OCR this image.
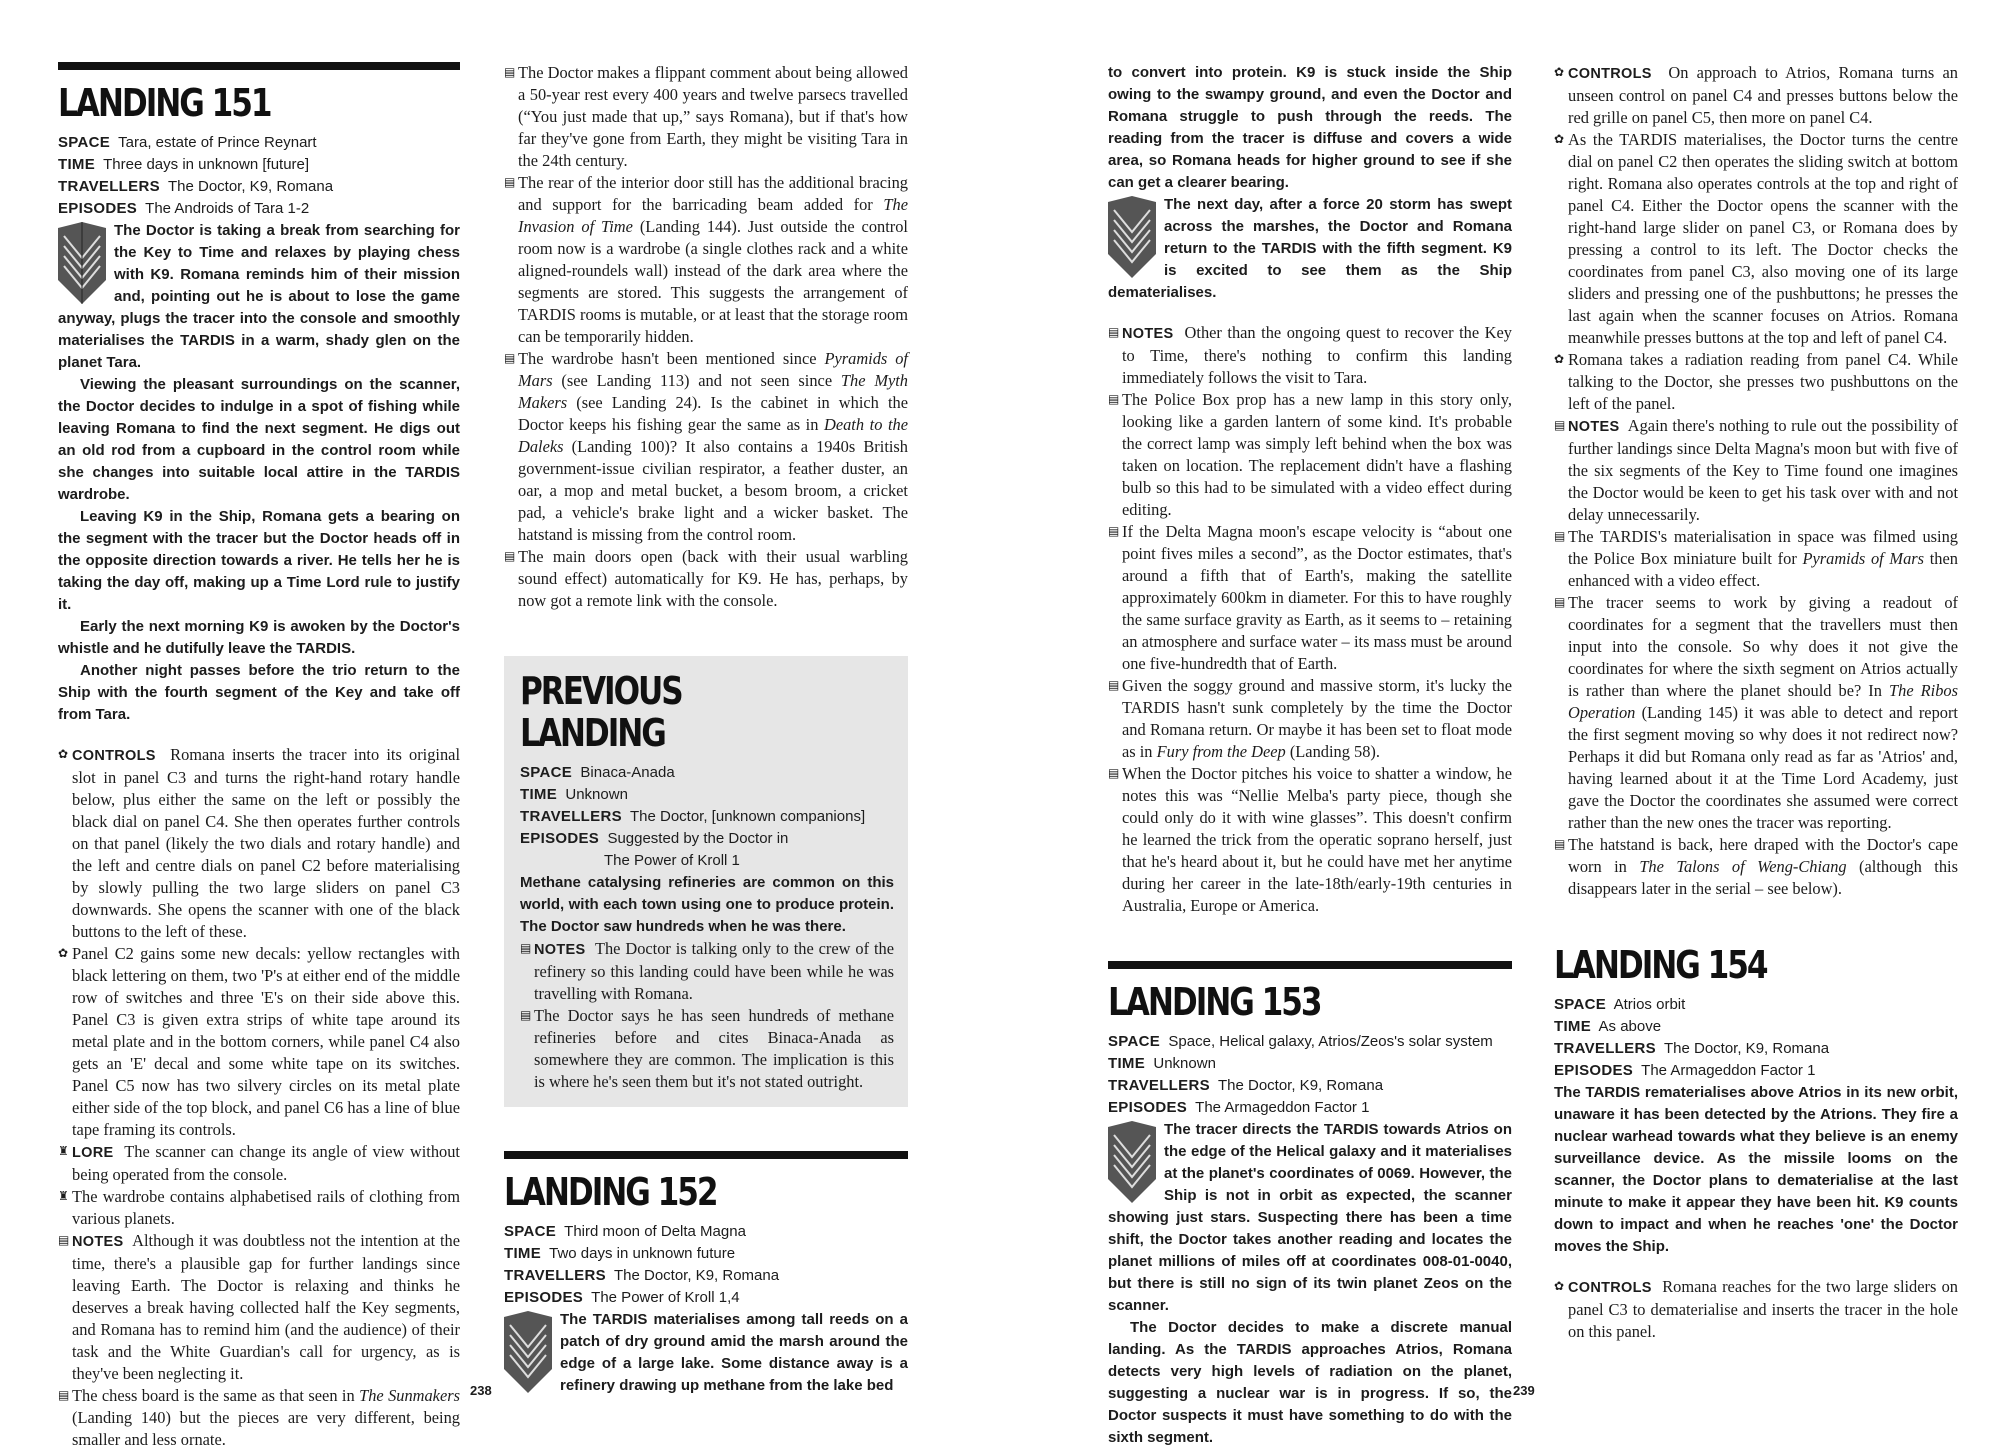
LANDING 151
SPACE Tara, estate of Prince Reynart
TIME Three days in unknown [future]
TRAVELLERS The Doctor, K9, Romana
EPISODES The Androids of Tara 1-2

The Doctor is taking a break from searching for the Key to Time and relaxes by playing chess with K9. Romana reminds him of their mission and, pointing out he is about to lose the game anyway, plugs the tracer into the console and smoothly materialises the TARDIS in a warm, shady glen on the planet Tara.

Viewing the pleasant surroundings on the scanner, the Doctor decides to indulge in a spot of fishing while leaving Romana to find the next segment. He digs out an old rod from a cupboard in the control room while she changes into suitable local attire in the TARDIS wardrobe.

Leaving K9 in the Ship, Romana gets a bearing on the segment with the tracer but the Doctor heads off in the opposite direction towards a river. He tells her he is taking the day off, making up a Time Lord rule to justify it.

Early the next morning K9 is awoken by the Doctor's whistle and he dutifully leave the TARDIS.

Another night passes before the trio return to the Ship with the fourth segment of the Key and take off from Tara.

✿ CONTROLS Romana inserts the tracer into its original slot in panel C3 and turns the right-hand rotary handle below, plus either the same on the left or possibly the black dial on panel C4. She then operates further controls on that panel (likely the two dials and rotary handle) and the left and centre dials on panel C2 before materialising by slowly pulling the two large sliders on panel C3 downwards. She opens the scanner with one of the black buttons to the left of these.
✿ Panel C2 gains some new decals: yellow rectangles with black lettering on them, two 'P's at either end of the middle row of switches and three 'E's on their side above this. Panel C3 is given extra strips of white tape around its metal plate and in the bottom corners, while panel C4 also gets an 'E' decal and some white tape on its switches. Panel C5 now has two silvery circles on its metal plate either side of the top block, and panel C6 has a line of blue tape framing its controls.
♜ LORE The scanner can change its angle of view without being operated from the console.
♜ The wardrobe contains alphabetised rails of clothing from various planets.
▤ NOTES Although it was doubtless not the intention at the time, there's a plausible gap for further landings since leaving Earth. The Doctor is relaxing and thinks he deserves a break having collected half the Key segments, and Romana has to remind him (and the audience) of their task and the White Guardian's call for urgency, as is they've been neglecting it.
▤ The chess board is the same as that seen in The Sunmakers (Landing 140) but the pieces are very different, being smaller and less ornate.
▤ The Doctor makes a flippant comment about being allowed a 50-year rest every 400 years and twelve parsecs travelled (“You just made that up,” says Romana), but if that's how far they've gone from Earth, they might be visiting Tara in the 24th century.
▤ The rear of the interior door still has the additional bracing and support for the barricading beam added for The Invasion of Time (Landing 144). Just outside the control room now is a wardrobe (a single clothes rack and a white aligned-roundels wall) instead of the dark area where the segments are stored. This suggests the arrangement of TARDIS rooms is mutable, or at least that the storage room can be temporarily hidden.
▤ The wardrobe hasn't been mentioned since Pyramids of Mars (see Landing 113) and not seen since The Myth Makers (see Landing 24). Is the cabinet in which the Doctor keeps his fishing gear the same as in Death to the Daleks (Landing 100)? It also contains a 1940s British government-issue civilian respirator, a feather duster, an oar, a mop and metal bucket, a besom broom, a cricket pad, a vehicle's brake light and a wicker basket. The hatstand is missing from the control room.
▤ The main doors open (back with their usual warbling sound effect) automatically for K9. He has, perhaps, by now got a remote link with the console.
PREVIOUS LANDING
SPACE Binaca-Anada
TIME Unknown
TRAVELLERS The Doctor, [unknown companions]
EPISODES Suggested by the Doctor in
The Power of Kroll 1

Methane catalysing refineries are common on this world, with each town using one to produce protein. The Doctor saw hundreds when he was there.

▤ NOTES The Doctor is talking only to the crew of the refinery so this landing could have been while he was travelling with Romana.
▤ The Doctor says he has seen hundreds of methane refineries before and cites Binaca-Anada as somewhere they are common. The implication is this is where he's seen them but it's not stated outright.
LANDING 152
SPACE Third moon of Delta Magna
TIME Two days in unknown future
TRAVELLERS The Doctor, K9, Romana
EPISODES The Power of Kroll 1,4

The TARDIS materialises among tall reeds on a patch of dry ground amid the marsh around the edge of a large lake. Some distance away is a refinery drawing up methane from the lake bed

to convert into protein. K9 is stuck inside the Ship owing to the swampy ground, and even the Doctor and Romana struggle to push through the reeds. The reading from the tracer is diffuse and covers a wide area, so Romana heads for higher ground to see if she can get a clearer bearing.

The next day, after a force 20 storm has swept across the marshes, the Doctor and Romana return to the TARDIS with the fifth segment. K9 is excited to see them as the Ship dematerialises.

▤ NOTES Other than the ongoing quest to recover the Key to Time, there's nothing to confirm this landing immediately follows the visit to Tara.
▤ The Police Box prop has a new lamp in this story only, looking like a garden lantern of some kind. It's probable the correct lamp was simply left behind when the box was taken on location. The replacement didn't have a flashing bulb so this had to be simulated with a video effect during editing.
▤ If the Delta Magna moon's escape velocity is “about one point fives miles a second”, as the Doctor estimates, that's around a fifth that of Earth's, making the satellite approximately 600km in diameter. For this to have roughly the same surface gravity as Earth, as it seems to – retaining an atmosphere and surface water – its mass must be around one five-hundredth that of Earth.
▤ Given the soggy ground and massive storm, it's lucky the TARDIS hasn't sunk completely by the time the Doctor and Romana return. Or maybe it has been set to float mode as in Fury from the Deep (Landing 58).
▤ When the Doctor pitches his voice to shatter a window, he notes this was “Nellie Melba's party piece, though she could only do it with wine glasses”. This doesn't confirm he learned the trick from the operatic soprano herself, just that he's heard about it, but he could have met her anytime during her career in the late-18th/early-19th centuries in Australia, Europe or America.
LANDING 153
SPACE Space, Helical galaxy, Atrios/Zeos's solar system
TIME Unknown
TRAVELLERS The Doctor, K9, Romana
EPISODES The Armageddon Factor 1

The tracer directs the TARDIS towards Atrios on the edge of the Helical galaxy and it materialises at the planet's coordinates of 0069. However, the Ship is not in orbit as expected, the scanner showing just stars. Suspecting there has been a time shift, the Doctor takes another reading and locates the planet millions of miles off at coordinates 008-01-0040, but there is still no sign of its twin planet Zeos on the scanner.

The Doctor decides to make a discrete manual landing. As the TARDIS approaches Atrios, Romana detects very high levels of radiation on the planet, suggesting a nuclear war is in progress. If so, the Doctor suspects it must have something to do with the sixth segment.

✿ CONTROLS On approach to Atrios, Romana turns an unseen control on panel C4 and presses buttons below the red grille on panel C5, then more on panel C4.
✿ As the TARDIS materialises, the Doctor turns the centre dial on panel C2 then operates the sliding switch at bottom right. Romana also operates controls at the top and right of panel C4. Either the Doctor opens the scanner with the right-hand large slider on panel C3, or Romana does by pressing a control to its left. The Doctor checks the coordinates from panel C3, also moving one of its large sliders and pressing one of the pushbuttons; he presses the last again when the scanner focuses on Atrios. Romana meanwhile presses buttons at the top and left of panel C4.
✿ Romana takes a radiation reading from panel C4. While talking to the Doctor, she presses two pushbuttons on the left of the panel.
▤ NOTES Again there's nothing to rule out the possibility of further landings since Delta Magna's moon but with five of the six segments of the Key to Time found one imagines the Doctor would be keen to get his task over with and not delay unnecessarily.
▤ The TARDIS's materialisation in space was filmed using the Police Box miniature built for Pyramids of Mars then enhanced with a video effect.
▤ The tracer seems to work by giving a readout of coordinates for a segment that the travellers must then input into the console. So why does it not give the coordinates for where the sixth segment on Atrios actually is rather than where the planet should be? In The Ribos Operation (Landing 145) it was able to detect and report the first segment moving so why does it not redirect now? Perhaps it did but Romana only read as far as 'Atrios' and, having learned about it at the Time Lord Academy, just gave the Doctor the coordinates she assumed were correct rather than the new ones the tracer was reporting.
▤ The hatstand is back, here draped with the Doctor's cape worn in The Talons of Weng-Chiang (although this disappears later in the serial – see below).
LANDING 154
SPACE Atrios orbit
TIME As above
TRAVELLERS The Doctor, K9, Romana
EPISODES The Armageddon Factor 1

The TARDIS rematerialises above Atrios in its new orbit, unaware it has been detected by the Atrions. They fire a nuclear warhead towards what they believe is an enemy surveillance device. As the missile looms on the scanner, the Doctor plans to dematerialise at the last minute to make it appear they have been hit. K9 counts down to impact and when he reaches 'one' the Doctor moves the Ship.

✿ CONTROLS Romana reaches for the two large sliders on panel C3 to dematerialise and inserts the tracer in the hole on this panel.
238	239
